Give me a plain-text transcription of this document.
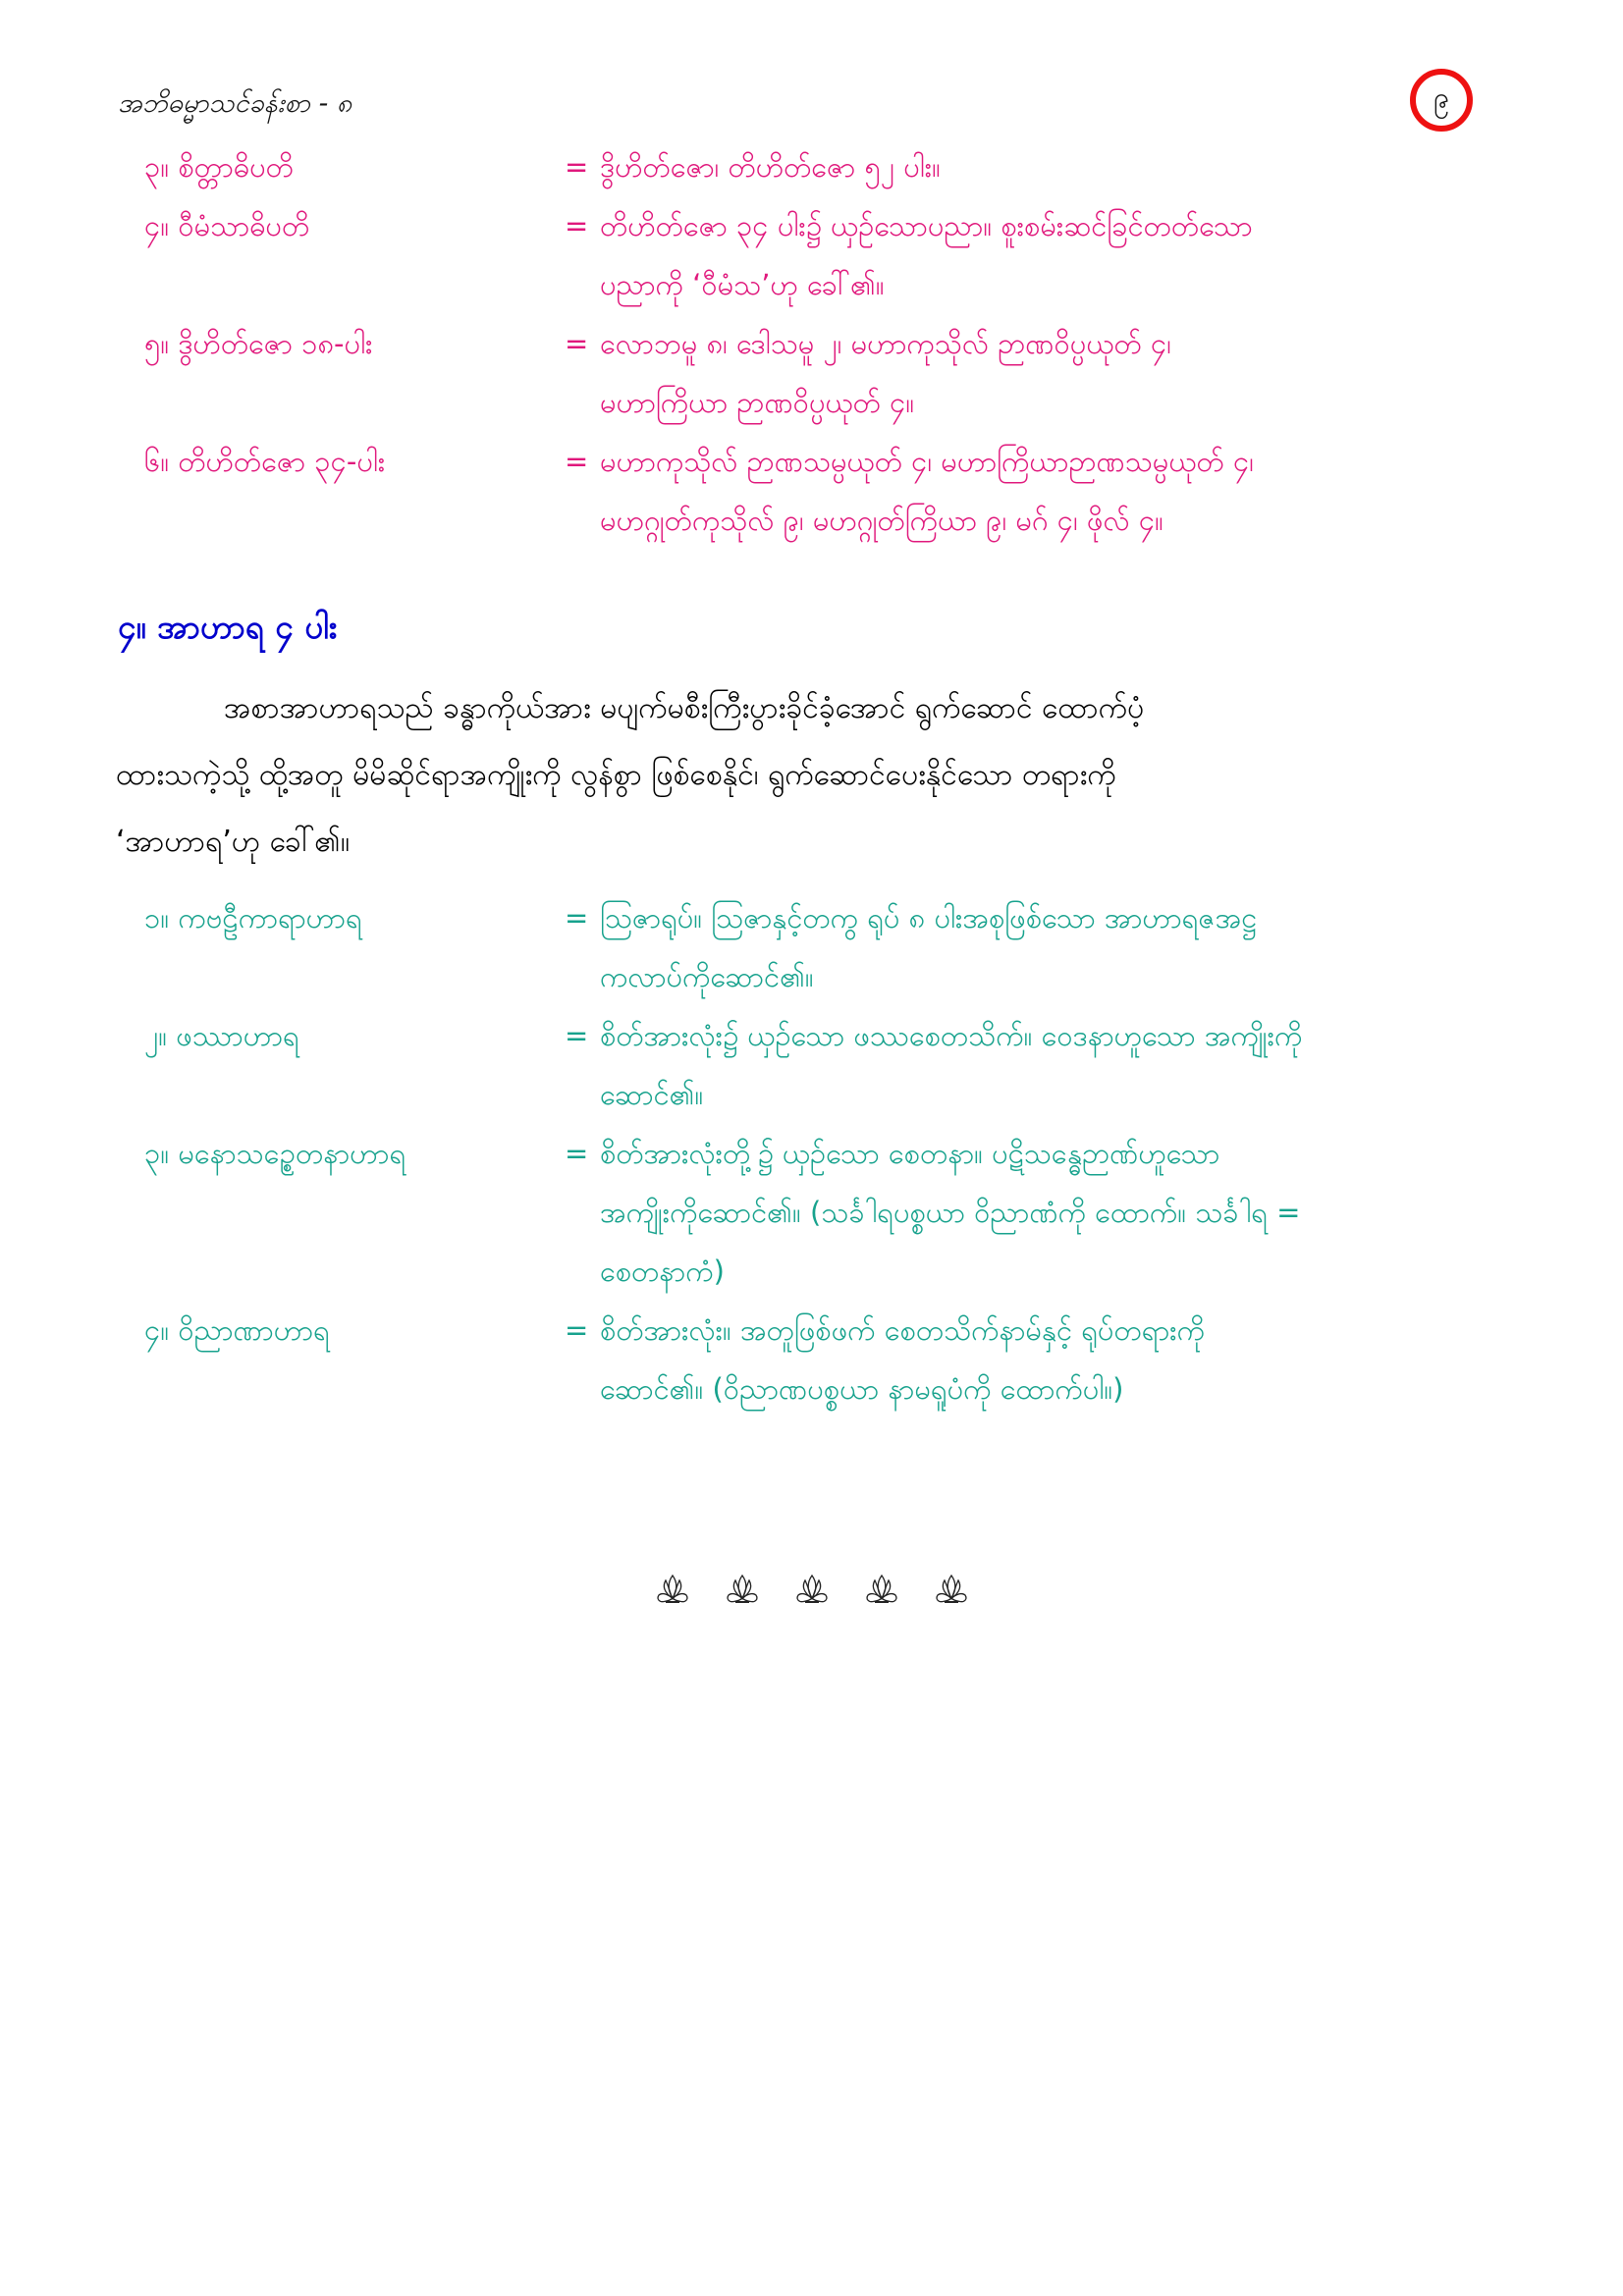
အဘိဓမ္မာသင်ခန်းစာ - ၈	၉
၃။ စိတ္တာဓိပတိ	= ဒွိဟိတ်ဇော၊ တိဟိတ်ဇော ၅၂ ပါး။
၄။ ဝီမံသာဓိပတိ	= တိဟိတ်ဇော ၃၄ ပါး၌ ယှဉ်သောပညာ။ စူးစမ်းဆင်ခြင်တတ်သော
ပညာကို ‘ဝီမံသ’ဟု ခေါ်၏။
၅။ ဒွိဟိတ်ဇော ၁၈-ပါး	= လောဘမူ ၈၊ ဒေါသမူ ၂၊ မဟာကုသိုလ် ဉာဏဝိပ္ပယုတ် ၄၊
မဟာကြိယာ ဉာဏဝိပ္ပယုတ် ၄။
၆။ တိဟိတ်ဇော ၃၄-ပါး	= မဟာကုသိုလ် ဉာဏသမ္ပယုတ် ၄၊ မဟာကြိယာဉာဏသမ္ပယုတ် ၄၊
မဟဂ္ဂုတ်ကုသိုလ် ၉၊ မဟဂ္ဂုတ်ကြိယာ ၉၊ မဂ် ၄၊ ဖိုလ် ၄။
၄။ အာဟာရ ၄ ပါး
အစာအာဟာရသည် ခန္ဓာကိုယ်အား မပျက်မစီးကြီးပွားခိုင်ခံ့အောင် ရွက်ဆောင် ထောက်ပံ့
ထားသကဲ့သို့ ထို့အတူ မိမိဆိုင်ရာအကျိုးကို လွန်စွာ ဖြစ်စေနိုင်၊ ရွက်ဆောင်ပေးနိုင်သော တရားကို
‘အာဟာရ’ဟု ခေါ်၏။
၁။ ကဗဠီကာရာဟာရ	= သြဇာရုပ်။ သြဇာနှင့်တကွ ရုပ် ၈ ပါးအစုဖြစ်သော အာဟာရဇအဋ္ဌ
ကလာပ်ကိုဆောင်၏။
၂။ ဖဿာဟာရ	= စိတ်အားလုံး၌ ယှဉ်သော ဖဿစေတသိက်။ ဝေဒနာဟူသော အကျိုးကို
ဆောင်၏။
၃။ မနောသဉ္စေတနာဟာရ	= စိတ်အားလုံးတို့၌ ယှဉ်သော စေတနာ။ ပဋိသန္ဓေဉာဏ်ဟူသော
အကျိုးကိုဆောင်၏။ (သင်္ခါရပစ္စယာ ဝိညာဏံကို ထောက်။ သင်္ခါရ =
စေတနာကံ)
၄။ ဝိညာဏာဟာရ	= စိတ်အားလုံး။ အတူဖြစ်ဖက် စေတသိက်နာမ်နှင့် ရုပ်တရားကို
ဆောင်၏။ (ဝိညာဏပစ္စယာ နာမရူပံကို ထောက်ပါ။)
